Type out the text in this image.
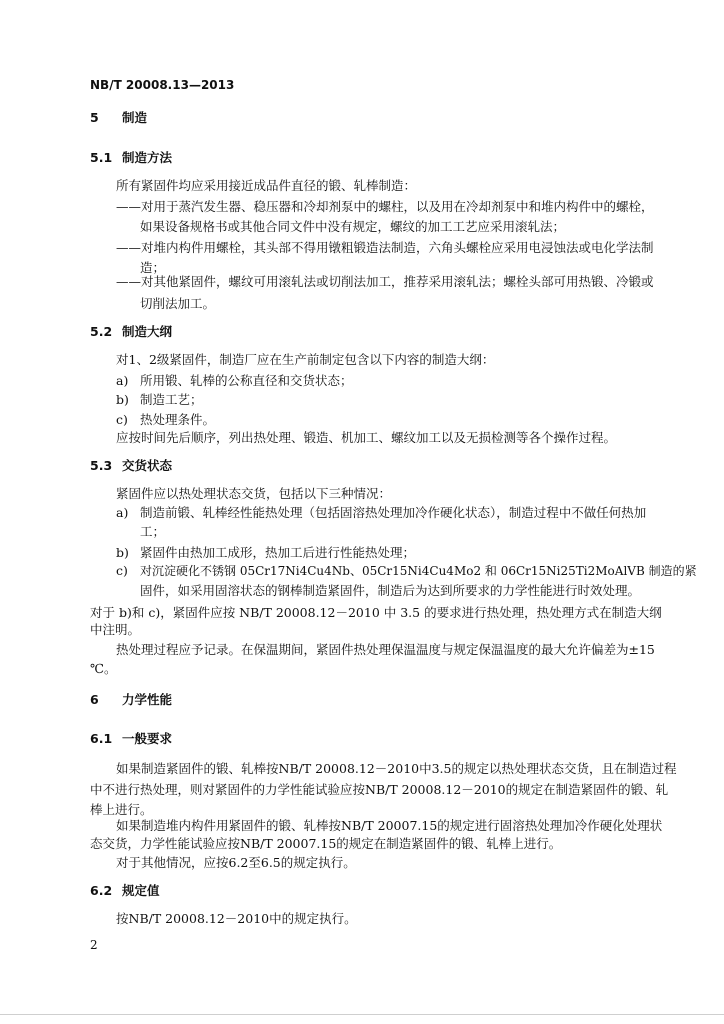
NB/T 20008.13—2013
5 制造
5.1 制造方法
所有紧固件均应采用接近成品件直径的锻、轧棒制造：
——对用于蒸汽发生器、稳压器和冷却剂泵中的螺柱，以及用在冷却剂泵中和堆内构件中的螺栓，
如果设备规格书或其他合同文件中没有规定，螺纹的加工工艺应采用滚轧法；
——对堆内构件用螺栓，其头部不得用镦粗锻造法制造，六角头螺栓应采用电浸蚀法或电化学法制
造；
——对其他紧固件，螺纹可用滚轧法或切削法加工，推荐采用滚轧法；螺栓头部可用热锻、冷锻或
切削法加工。
5.2 制造大纲
对1、2级紧固件，制造厂应在生产前制定包含以下内容的制造大纲：
a) 所用锻、轧棒的公称直径和交货状态；
b) 制造工艺；
c) 热处理条件。
应按时间先后顺序，列出热处理、锻造、机加工、螺纹加工以及无损检测等各个操作过程。
5.3 交货状态
紧固件应以热处理状态交货，包括以下三种情况：
a) 制造前锻、轧棒经性能热处理（包括固溶热处理加冷作硬化状态），制造过程中不做任何热加
工；
b) 紧固件由热加工成形，热加工后进行性能热处理；
c) 对沉淀硬化不锈钢 05Cr17Ni4Cu4Nb、05Cr15Ni4Cu4Mo2 和 06Cr15Ni25Ti2MoAlVB 制造的紧
固件，如采用固溶状态的钢棒制造紧固件，制造后为达到所要求的力学性能进行时效处理。
对于 b)和 c)，紧固件应按 NB/T 20008.12－2010 中 3.5 的要求进行热处理，热处理方式在制造大纲
中注明。
热处理过程应予记录。在保温期间，紧固件热处理保温温度与规定保温温度的最大允许偏差为±15
℃。
6 力学性能
6.1 一般要求
如果制造紧固件的锻、轧棒按NB/T 20008.12－2010中3.5的规定以热处理状态交货，且在制造过程
中不进行热处理，则对紧固件的力学性能试验应按NB/T 20008.12－2010的规定在制造紧固件的锻、轧
棒上进行。
如果制造堆内构件用紧固件的锻、轧棒按NB/T 20007.15的规定进行固溶热处理加冷作硬化处理状
态交货，力学性能试验应按NB/T 20007.15的规定在制造紧固件的锻、轧棒上进行。
对于其他情况，应按6.2至6.5的规定执行。
6.2 规定值
按NB/T 20008.12－2010中的规定执行。
2
